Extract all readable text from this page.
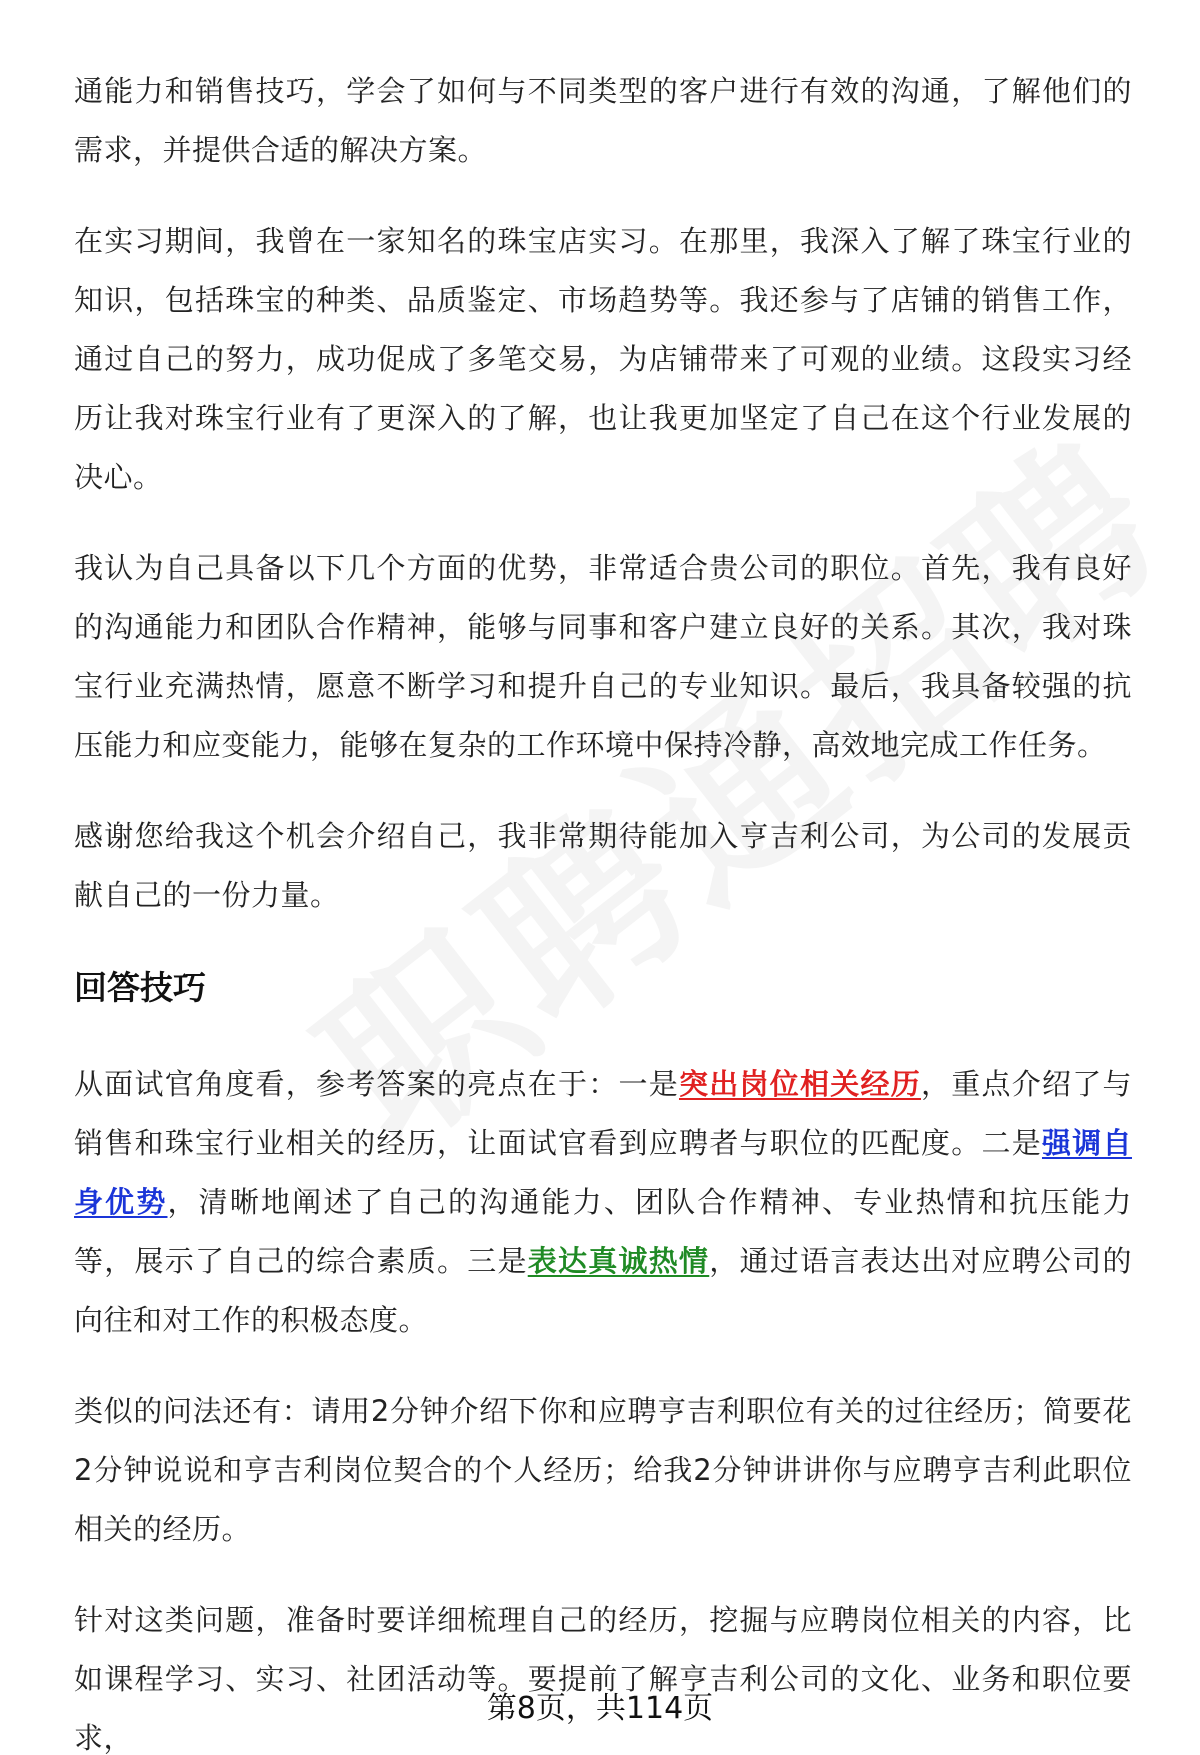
通能力和销售技巧，学会了如何与不同类型的客户进行有效的沟通，了解他们的需求，并提供合适的解决方案。

在实习期间，我曾在一家知名的珠宝店实习。在那里，我深入了解了珠宝行业的知识，包括珠宝的种类、品质鉴定、市场趋势等。我还参与了店铺的销售工作，通过自己的努力，成功促成了多笔交易，为店铺带来了可观的业绩。这段实习经历让我对珠宝行业有了更深入的了解，也让我更加坚定了自己在这个行业发展的决心。

我认为自己具备以下几个方面的优势，非常适合贵公司的职位。首先，我有良好的沟通能力和团队合作精神，能够与同事和客户建立良好的关系。其次，我对珠宝行业充满热情，愿意不断学习和提升自己的专业知识。最后，我具备较强的抗压能力和应变能力，能够在复杂的工作环境中保持冷静，高效地完成工作任务。

感谢您给我这个机会介绍自己，我非常期待能加入亨吉利公司，为公司的发展贡献自己的一份力量。

回答技巧

从面试官角度看，参考答案的亮点在于：一是突出岗位相关经历，重点介绍了与销售和珠宝行业相关的经历，让面试官看到应聘者与职位的匹配度。二是强调自身优势，清晰地阐述了自己的沟通能力、团队合作精神、专业热情和抗压能力等，展示了自己的综合素质。三是表达真诚热情，通过语言表达出对应聘公司的向往和对工作的积极态度。

类似的问法还有：请用2分钟介绍下你和应聘亨吉利职位有关的过往经历；简要花2分钟说说和亨吉利岗位契合的个人经历；给我2分钟讲讲你与应聘亨吉利此职位相关的经历。

针对这类问题，准备时要详细梳理自己的经历，挖掘与应聘岗位相关的内容，比如课程学习、实习、社团活动等。要提前了解亨吉利公司的文化、业务和职位要求，

第8页，共114页
